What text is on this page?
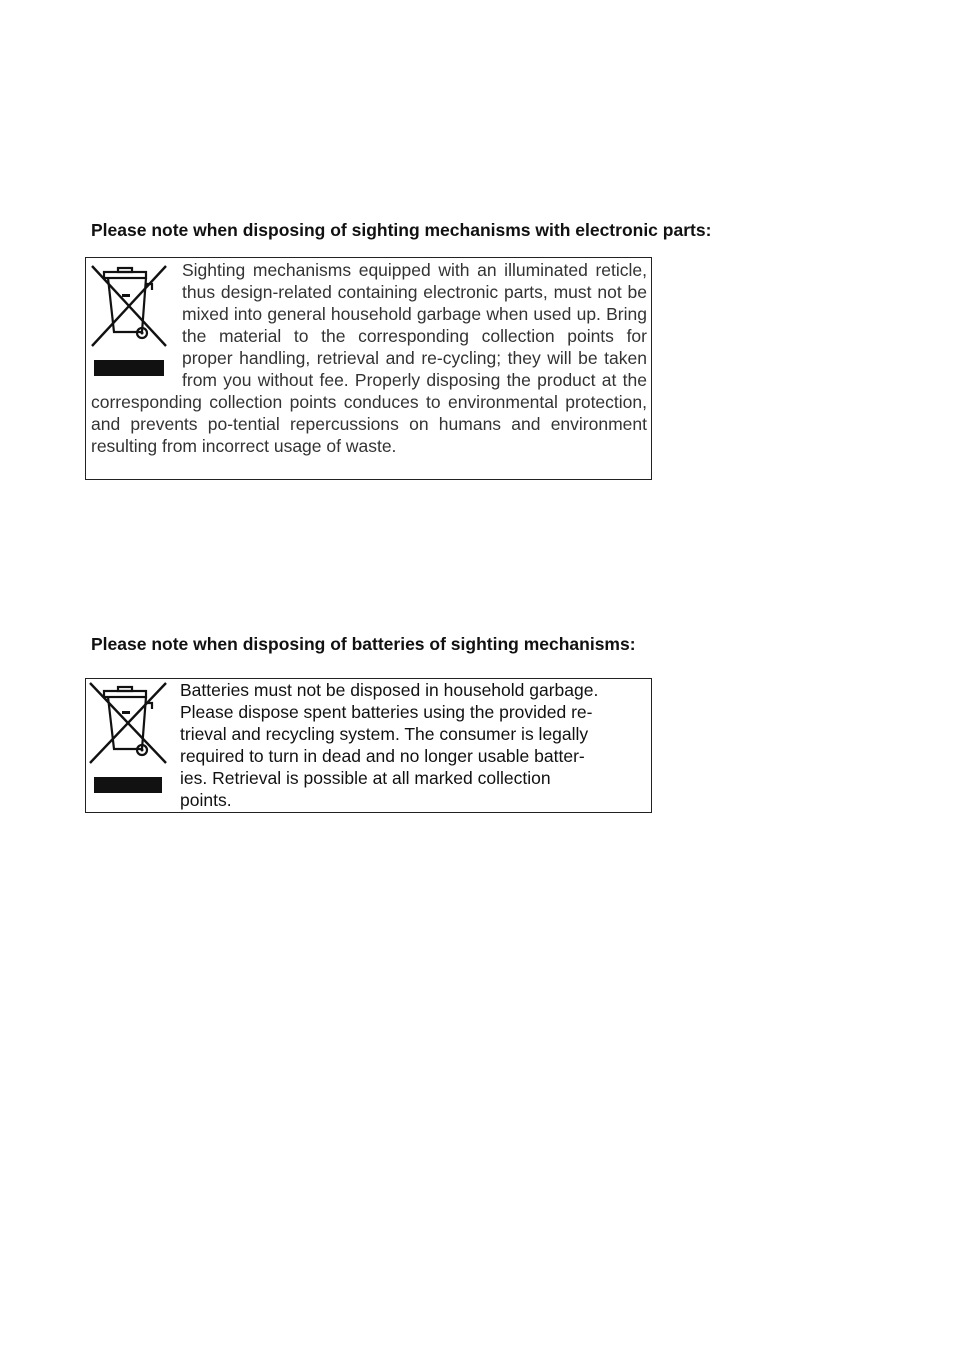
Please note when disposing of sighting mechanisms with electronic parts:

Sighting mechanisms equipped with an illuminated reticle, thus design-related containing electronic parts, must not be mixed into general household garbage when used up. Bring the material to the corresponding collection points for proper handling, retrieval and re-cycling; they will be taken from you without fee. Properly disposing the product at the corresponding collection points conduces to environmental protection, and prevents po-tential repercussions on humans and environment resulting from incorrect usage of waste.

Please note when disposing of batteries of sighting mechanisms:

Batteries must not be disposed in household garbage.
Please dispose spent batteries using the provided re-
trieval and recycling system. The consumer is legally
required to turn in dead and no longer usable batter-
ies. Retrieval is possible at all marked collection
points.
